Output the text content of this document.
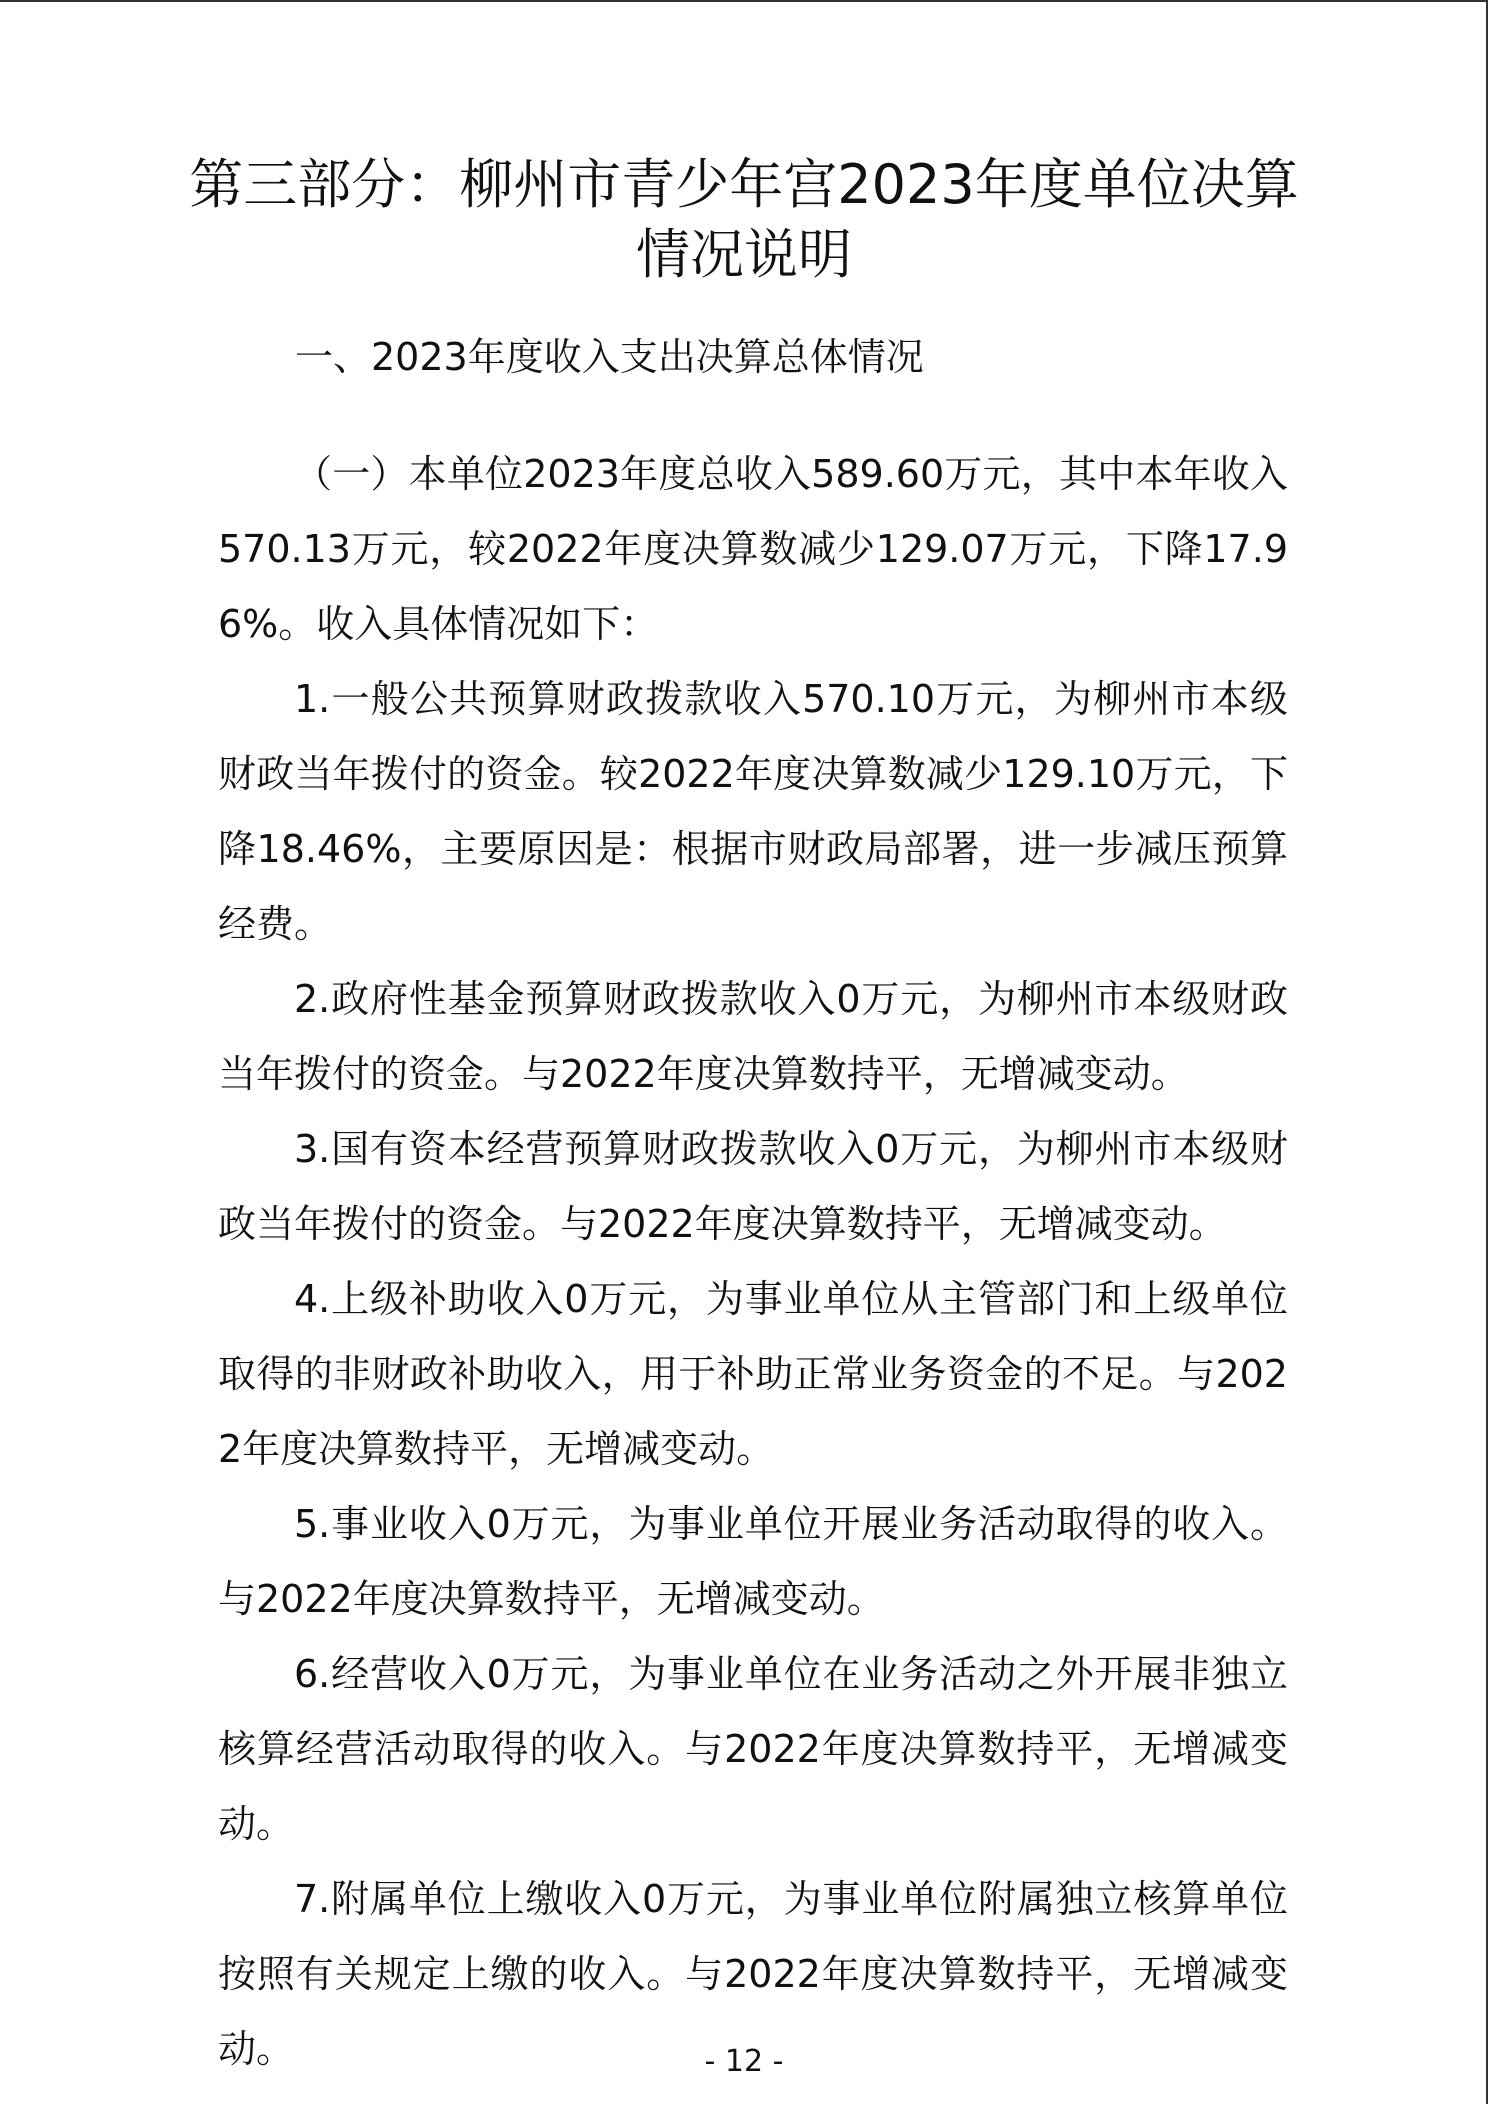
第三部分：柳州市青少年宫2023年度单位决算情况说明
一、2023年度收入支出决算总体情况

（一）本单位2023年度总收入589.60万元，其中本年收入570.13万元，较2022年度决算数减少129.07万元，下降17.96%。收入具体情况如下：

1.一般公共预算财政拨款收入570.10万元，为柳州市本级财政当年拨付的资金。较2022年度决算数减少129.10万元，下降18.46%，主要原因是：根据市财政局部署，进一步减压预算经费。

2.政府性基金预算财政拨款收入0万元，为柳州市本级财政当年拨付的资金。与2022年度决算数持平，无增减变动。

3.国有资本经营预算财政拨款收入0万元，为柳州市本级财政当年拨付的资金。与2022年度决算数持平，无增减变动。

4.上级补助收入0万元，为事业单位从主管部门和上级单位取得的非财政补助收入，用于补助正常业务资金的不足。与2022年度决算数持平，无增减变动。

5.事业收入0万元，为事业单位开展业务活动取得的收入。与2022年度决算数持平，无增减变动。

6.经营收入0万元，为事业单位在业务活动之外开展非独立核算经营活动取得的收入。与2022年度决算数持平，无增减变动。

7.附属单位上缴收入0万元，为事业单位附属独立核算单位按照有关规定上缴的收入。与2022年度决算数持平，无增减变动。	- 12 -
